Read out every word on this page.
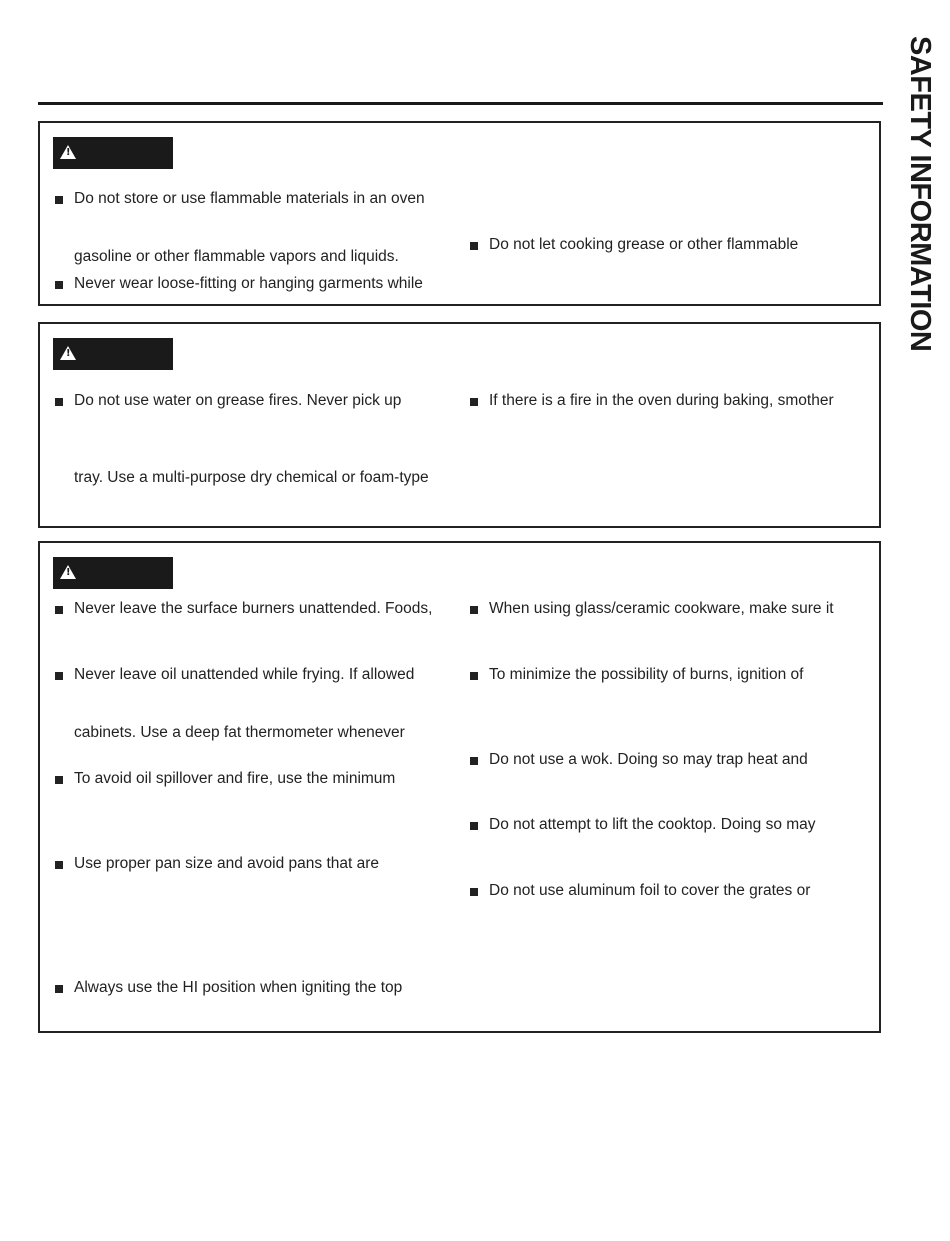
SAFETY INFORMATION
!
Do not store or use flammable materials in an oven
gasoline or other flammable vapors and liquids.
Never wear loose-fitting or hanging garments while
Do not let cooking grease or other flammable
!
Do not use water on grease fires. Never pick up
tray. Use a multi-purpose dry chemical or foam-type
If there is a fire in the oven during baking, smother
!
Never leave the surface burners unattended. Foods,
Never leave oil unattended while frying. If allowed
cabinets. Use a deep fat thermometer whenever
To avoid oil spillover and fire, use the minimum
Use proper pan size and avoid pans that are
Always use the HI position when igniting the top
When using glass/ceramic cookware, make sure it
To minimize the possibility of burns, ignition of
Do not use a wok. Doing so may trap heat and
Do not attempt to lift the cooktop. Doing so may
Do not use aluminum foil to cover the grates or
